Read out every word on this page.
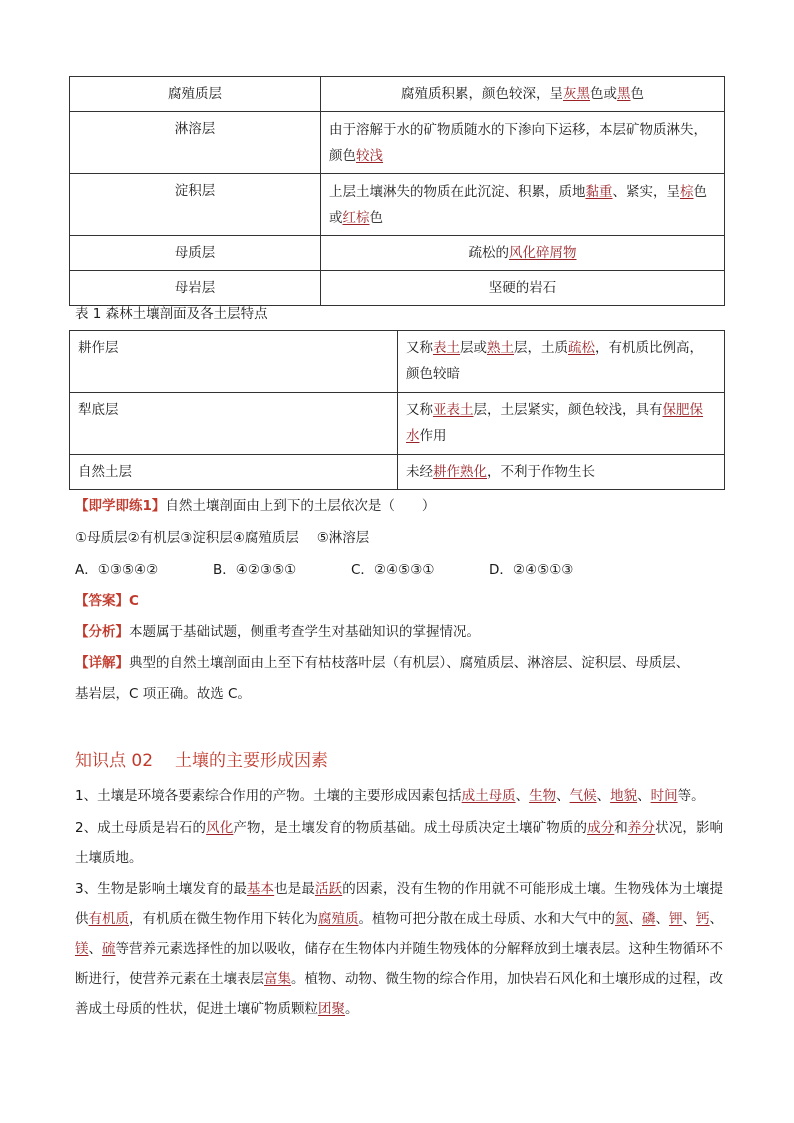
腐殖质层	腐殖质积累，颜色较深，呈灰黑色或黑色
淋溶层	由于溶解于水的矿物质随水的下渗向下运移，本层矿物质淋失，颜色较浅
淀积层	上层土壤淋失的物质在此沉淀、积累，质地黏重、紧实，呈棕色或红棕色
母质层	疏松的风化碎屑物
母岩层	坚硬的岩石
表 1 森林土壤剖面及各土层特点
耕作层	又称表土层或熟土层，土质疏松，有机质比例高，颜色较暗
犁底层	又称亚表土层，土层紧实，颜色较浅，具有保肥保水作用
自然土层	未经耕作熟化，不利于作物生长
【即学即练1】自然土壤剖面由上到下的土层依次是（　　）
①母质层②有机层③淀积层④腐殖质层　 ⑤淋溶层
A．①③⑤④②	B．④②③⑤①	C．②④⑤③①	D．②④⑤①③
【答案】C
【分析】本题属于基础试题，侧重考查学生对基础知识的掌握情况。
【详解】典型的自然土壤剖面由上至下有枯枝落叶层（有机层）、腐殖质层、淋溶层、淀积层、母质层、
基岩层，C 项正确。故选 C。
知识点 02 土壤的主要形成因素
1、土壤是环境各要素综合作用的产物。土壤的主要形成因素包括成土母质、生物、气候、地貌、时间等。
2、成土母质是岩石的风化产物，是土壤发育的物质基础。成土母质决定土壤矿物质的成分和养分状况，影响土壤质地。
3、生物是影响土壤发育的最基本也是最活跃的因素，没有生物的作用就不可能形成土壤。生物残体为土壤提供有机质，有机质在微生物作用下转化为腐殖质。植物可把分散在成土母质、水和大气中的氮、磷、钾、钙、镁、硫等营养元素选择性的加以吸收，储存在生物体内并随生物残体的分解释放到土壤表层。这种生物循环不断进行，使营养元素在土壤表层富集。植物、动物、微生物的综合作用，加快岩石风化和土壤形成的过程，改善成土母质的性状，促进土壤矿物质颗粒团聚。
